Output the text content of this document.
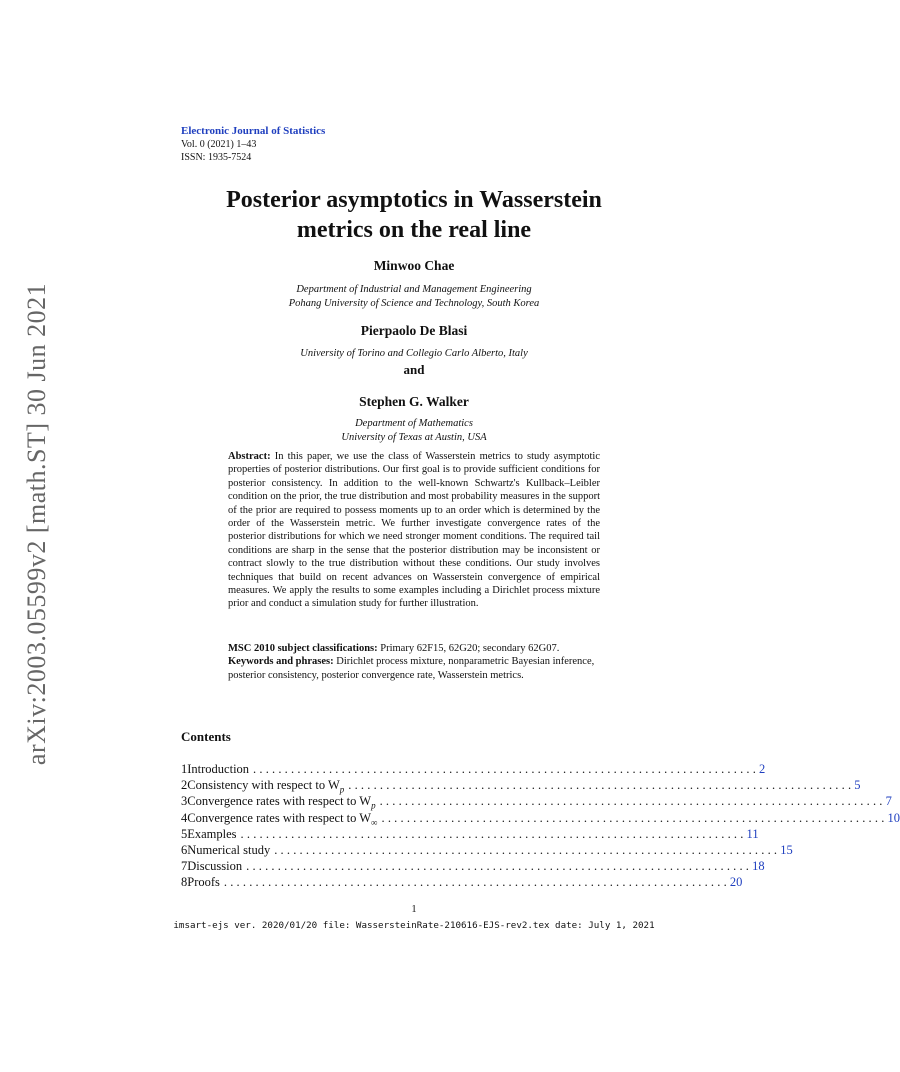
arXiv:2003.05599v2 [math.ST] 30 Jun 2021
Electronic Journal of Statistics
Vol. 0 (2021) 1–43
ISSN: 1935-7524
Posterior asymptotics in Wasserstein
metrics on the real line
Minwoo Chae
Department of Industrial and Management Engineering
Pohang University of Science and Technology, South Korea
Pierpaolo De Blasi
University of Torino and Collegio Carlo Alberto, Italy
and
Stephen G. Walker
Department of Mathematics
University of Texas at Austin, USA
Abstract: In this paper, we use the class of Wasserstein metrics to study asymptotic properties of posterior distributions. Our first goal is to provide sufficient conditions for posterior consistency. In addition to the well-known Schwartz's Kullback–Leibler condition on the prior, the true distribution and most probability measures in the support of the prior are required to possess moments up to an order which is determined by the order of the Wasserstein metric. We further investigate convergence rates of the posterior distributions for which we need stronger moment conditions. The required tail conditions are sharp in the sense that the posterior distribution may be inconsistent or contract slowly to the true distribution without these conditions. Our study involves techniques that build on recent advances on Wasserstein convergence of empirical measures. We apply the results to some examples including a Dirichlet process mixture prior and conduct a simulation study for further illustration.
MSC 2010 subject classifications: Primary 62F15, 62G20; secondary 62G07.
Keywords and phrases: Dirichlet process mixture, nonparametric Bayesian inference, posterior consistency, posterior convergence rate, Wasserstein metrics.
Contents
1 Introduction ................................................................................ 2
2 Consistency with respect to $W_p$ ................................................................................ 5
3 Convergence rates with respect to $W_p$ ................................................................................ 7
4 Convergence rates with respect to $W_\infty$ ................................................................................ 10
5 Examples ................................................................................ 11
6 Numerical study ................................................................................ 15
7 Discussion ................................................................................ 18
8 Proofs ................................................................................ 20
1
imsart-ejs ver. 2020/01/20 file: WassersteinRate-210616-EJS-rev2.tex date: July 1, 2021
